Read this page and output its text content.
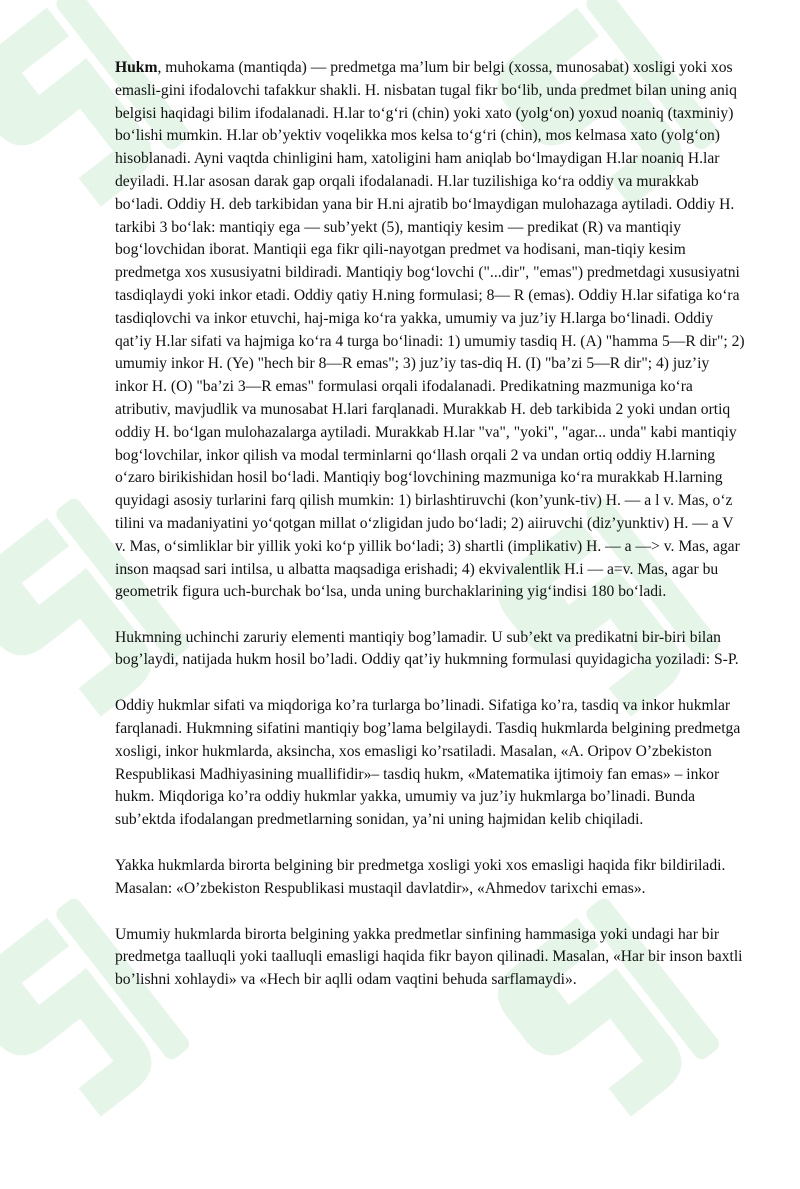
Hukm, muhokama (mantiqda) — predmetga ma’lum bir belgi (xossa, munosabat) xosligi yoki xos emasli-gini ifodalovchi tafakkur shakli. H. nisbatan tugal fikr bo‘lib, unda predmet bilan uning aniq belgisi haqidagi bilim ifodalanadi. H.lar to‘g‘ri (chin) yoki xato (yolg‘on) yoxud noaniq (taxminiy) bo‘lishi mumkin. H.lar ob’yektiv voqelikka mos kelsa to‘g‘ri (chin), mos kelmasa xato (yolg‘on) hisoblanadi. Ayni vaqtda chinligini ham, xatoligini ham aniqlab bo‘lmaydigan H.lar noaniq H.lar deyiladi. H.lar asosan darak gap orqali ifodalanadi. H.lar tuzilishiga ko‘ra oddiy va murakkab bo‘ladi. Oddiy H. deb tarkibidan yana bir H.ni ajratib bo‘lmaydigan mulohazaga aytiladi. Oddiy H. tarkibi 3 bo‘lak: mantiqiy ega — sub’yekt (5), mantiqiy kesim — predikat (R) va mantiqiy bog‘lovchidan iborat. Mantiqii ega fikr qili-nayotgan predmet va hodisani, man-tiqiy kesim predmetga xos xususiyatni bildiradi. Mantiqiy bog‘lovchi ("...dir", "emas") predmetdagi xususiyatni tasdiqlaydi yoki inkor etadi. Oddiy qatiy H.ning formulasi; 8— R (emas). Oddiy H.lar sifatiga ko‘ra tasdiqlovchi va inkor etuvchi, haj-miga ko‘ra yakka, umumiy va juz’iy H.larga bo‘linadi. Oddiy qat’iy H.lar sifati va hajmiga ko‘ra 4 turga bo‘linadi: 1) umumiy tasdiq H. (A) "hamma 5—R dir"; 2) umumiy inkor H. (Ye) "hech bir 8—R emas"; 3) juz’iy tas-diq H. (I) "ba’zi 5—R dir"; 4) juz’iy inkor H. (O) "ba’zi 3—R emas" formulasi orqali ifodalanadi. Predikatning mazmuniga ko‘ra atributiv, mavjudlik va munosabat H.lari farqlanadi. Murakkab H. deb tarkibida 2 yoki undan ortiq oddiy H. bo‘lgan mulohazalarga aytiladi. Murakkab H.lar "va", "yoki", "agar... unda" kabi mantiqiy bog‘lovchilar, inkor qilish va modal terminlarni qo‘llash orqali 2 va undan ortiq oddiy H.larning o‘zaro birikishidan hosil bo‘ladi. Mantiqiy bog‘lovchining mazmuniga ko‘ra murakkab H.larning quyidagi asosiy turlarini farq qilish mumkin: 1) birlashtiruvchi (kon’yunk-tiv) H. — a l v. Mas, o‘z tilini va madaniyatini yo‘qotgan millat o‘zligidan judo bo‘ladi; 2) aiiruvchi (diz’yunktiv) H. — a V v. Mas, o‘simliklar bir yillik yoki ko‘p yillik bo‘ladi; 3) shartli (implikativ) H. — a —> v. Mas, agar inson maqsad sari intilsa, u albatta maqsadiga erishadi; 4) ekvivalentlik H.i — a=v. Mas, agar bu geometrik figura uch-burchak bo‘lsa, unda uning burchaklarining yig‘indisi 180 bo‘ladi.

Hukmning uchinchi zaruriy elementi mantiqiy bog’lamadir. U sub’ekt va predikatni bir-biri bilan bog’laydi, natijada hukm hosil bo’ladi. Oddiy qat’iy hukmning formulasi quyidagicha yoziladi: S-P.

Oddiy hukmlar sifati va miqdoriga ko’ra turlarga bo’linadi. Sifatiga ko’ra, tasdiq va inkor hukmlar farqlanadi. Hukmning sifatini mantiqiy bog’lama belgilaydi. Tasdiq hukmlarda belgining predmetga xosligi, inkor hukmlarda, aksincha, xos emasligi ko’rsatiladi. Masalan, «A. Oripov O’zbekiston Respublikasi Madhiyasining muallifidir»– tasdiq hukm, «Matematika ijtimoiy fan emas» – inkor hukm. Miqdoriga ko’ra oddiy hukmlar yakka, umumiy va juz’iy hukmlarga bo’linadi. Bunda sub’ektda ifodalangan predmetlarning sonidan, ya’ni uning hajmidan kelib chiqiladi.

Yakka hukmlarda birorta belgining bir predmetga xosligi yoki xos emasligi haqida fikr bildiriladi. Masalan: «O’zbekiston Respublikasi mustaqil davlatdir», «Ahmedov tarixchi emas».

Umumiy hukmlarda birorta belgining yakka predmetlar sinfining hammasiga yoki undagi har bir predmetga taalluqli yoki taalluqli emasligi haqida fikr bayon qilinadi. Masalan, «Har bir inson baxtli bo’lishni xohlaydi» va «Hech bir aqlli odam vaqtini behuda sarflamaydi».
